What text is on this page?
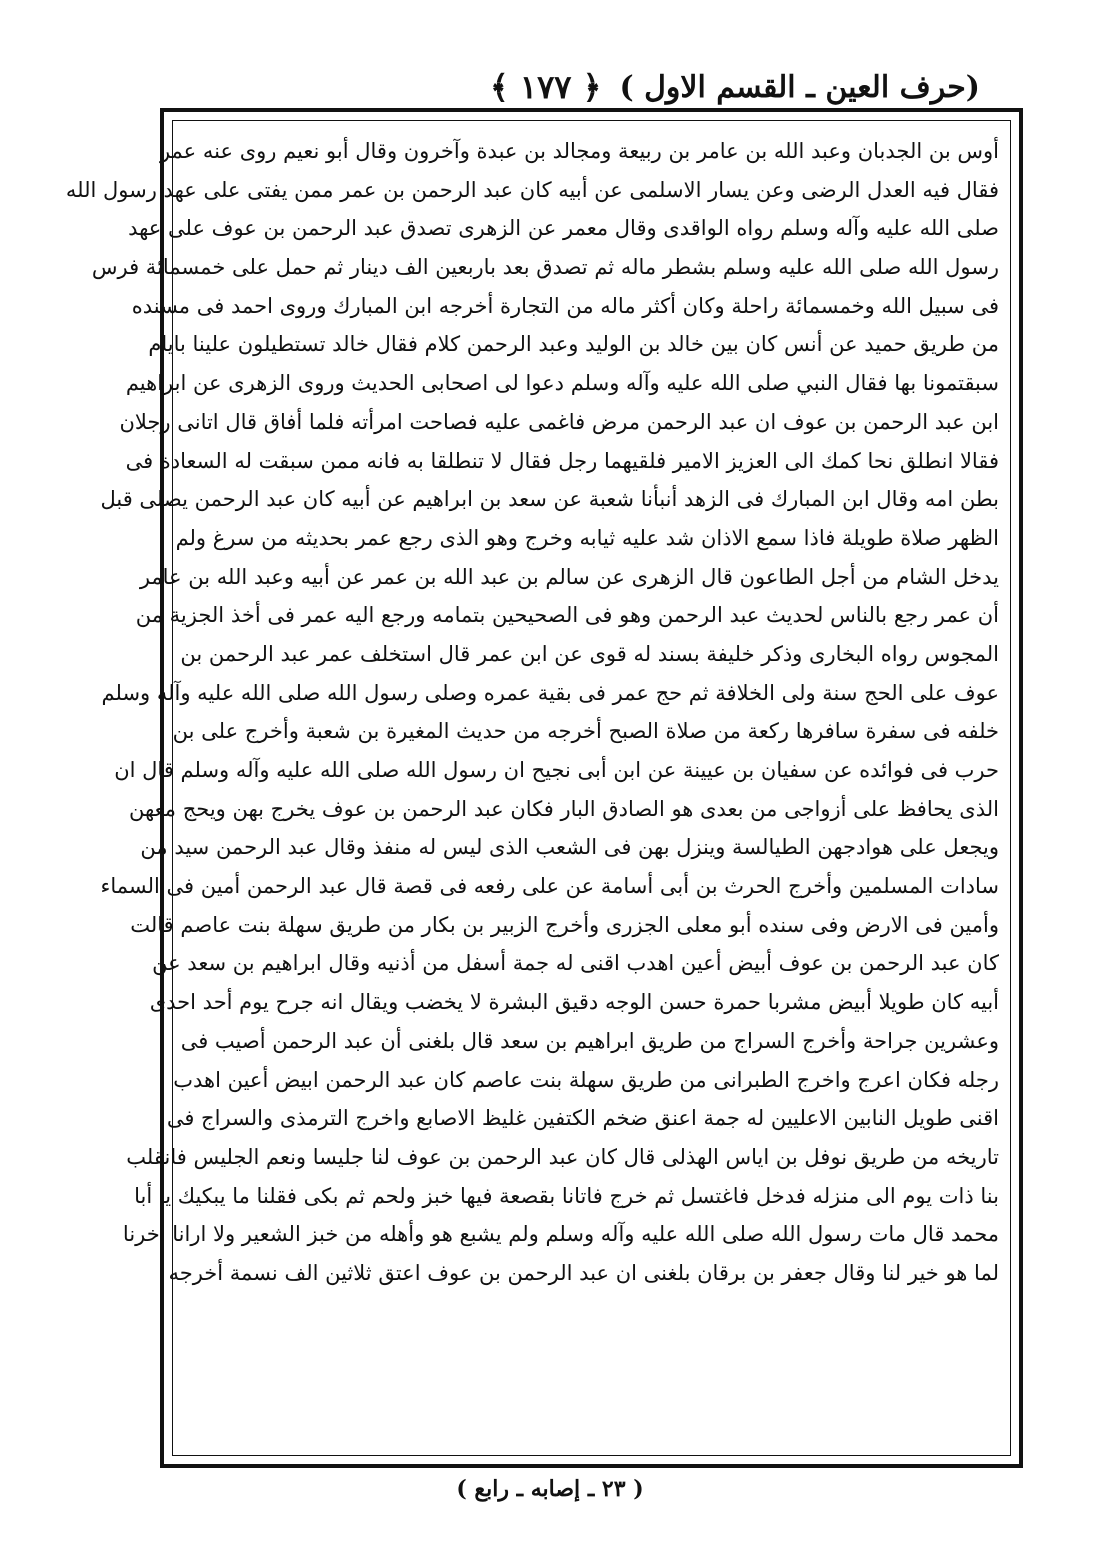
(حرف العين ـ القسم الاول )
﴿ ١٧٧ ﴾
أوس بن الجدبان وعبد الله بن عامر بن ربيعة ومجالد بن عبدة وآخرون وقال أبو نعيم روى عنه عمر
فقال فيه العدل الرضى وعن يسار الاسلمى عن أبيه كان عبد الرحمن بن عمر ممن يفتى على عهد رسول الله
صلى الله عليه وآله وسلم رواه الواقدى وقال معمر عن الزهرى تصدق عبد الرحمن بن عوف على عهد
رسول الله صلى الله عليه وسلم بشطر ماله ثم تصدق بعد باربعين الف دينار ثم حمل على خمسمائة فرس
فى سبيل الله وخمسمائة راحلة وكان أكثر ماله من التجارة أخرجه ابن المبارك وروى احمد فى مسنده
من طريق حميد عن أنس كان بين خالد بن الوليد وعبد الرحمن كلام فقال خالد تستطيلون علينا بايام
سبقتمونا بها فقال النبي صلى الله عليه وآله وسلم دعوا لى اصحابى الحديث وروى الزهرى عن ابراهيم
ابن عبد الرحمن بن عوف ان عبد الرحمن مرض فاغمى عليه فصاحت امرأته فلما أفاق قال اتانى رجلان
فقالا انطلق نحا كمك الى العزيز الامير فلقيهما رجل فقال لا تنطلقا به فانه ممن سبقت له السعادة فى
بطن امه وقال ابن المبارك فى الزهد أنبأنا شعبة عن سعد بن ابراهيم عن أبيه كان عبد الرحمن يصلى قبل
الظهر صلاة طويلة فاذا سمع الاذان شد عليه ثيابه وخرج وهو الذى رجع عمر بحديثه من سرغ ولم
يدخل الشام من أجل الطاعون قال الزهرى عن سالم بن عبد الله بن عمر عن أبيه وعبد الله بن عامر
أن عمر رجع بالناس لحديث عبد الرحمن وهو فى الصحيحين بتمامه ورجع اليه عمر فى أخذ الجزية من
المجوس رواه البخارى وذكر خليفة بسند له قوى عن ابن عمر قال استخلف عمر عبد الرحمن بن
عوف على الحج سنة ولى الخلافة ثم حج عمر فى بقية عمره وصلى رسول الله صلى الله عليه وآله وسلم
خلفه فى سفرة سافرها ركعة من صلاة الصبح أخرجه من حديث المغيرة بن شعبة وأخرج على بن
حرب فى فوائده عن سفيان بن عيينة عن ابن أبى نجيح ان رسول الله صلى الله عليه وآله وسلم قال ان
الذى يحافظ على أزواجى من بعدى هو الصادق البار فكان عبد الرحمن بن عوف يخرج بهن ويحج معهن
ويجعل على هوادجهن الطيالسة وينزل بهن فى الشعب الذى ليس له منفذ وقال عبد الرحمن سيد من
سادات المسلمين وأخرج الحرث بن أبى أسامة عن على رفعه فى قصة قال عبد الرحمن أمين فى السماء
وأمين فى الارض وفى سنده أبو معلى الجزرى وأخرج الزبير بن بكار من طريق سهلة بنت عاصم قالت
كان عبد الرحمن بن عوف أبيض أعين اهدب اقنى له جمة أسفل من أذنيه وقال ابراهيم بن سعد عن
أبيه كان طويلا أبيض مشربا حمرة حسن الوجه دقيق البشرة لا يخضب ويقال انه جرح يوم أحد احدى
وعشرين جراحة وأخرج السراج من طريق ابراهيم بن سعد قال بلغنى أن عبد الرحمن أصيب فى
رجله فكان اعرج واخرج الطبرانى من طريق سهلة بنت عاصم كان عبد الرحمن ابيض أعين اهدب
اقنى طويل النابين الاعليين له جمة اعنق ضخم الكتفين غليظ الاصابع واخرج الترمذى والسراج فى
تاريخه من طريق نوفل بن اياس الهذلى قال كان عبد الرحمن بن عوف لنا جليسا ونعم الجليس فانقلب
بنا ذات يوم الى منزله فدخل فاغتسل ثم خرج فاتانا بقصعة فيها خبز ولحم ثم بكى فقلنا ما يبكيك يا أبا
محمد قال مات رسول الله صلى الله عليه وآله وسلم ولم يشبع هو وأهله من خبز الشعير ولا ارانا اخرنا
لما هو خير لنا وقال جعفر بن برقان بلغنى ان عبد الرحمن بن عوف اعتق ثلاثين الف نسمة أخرجه
( ٢٣ ـ إصابه ـ رابع )
